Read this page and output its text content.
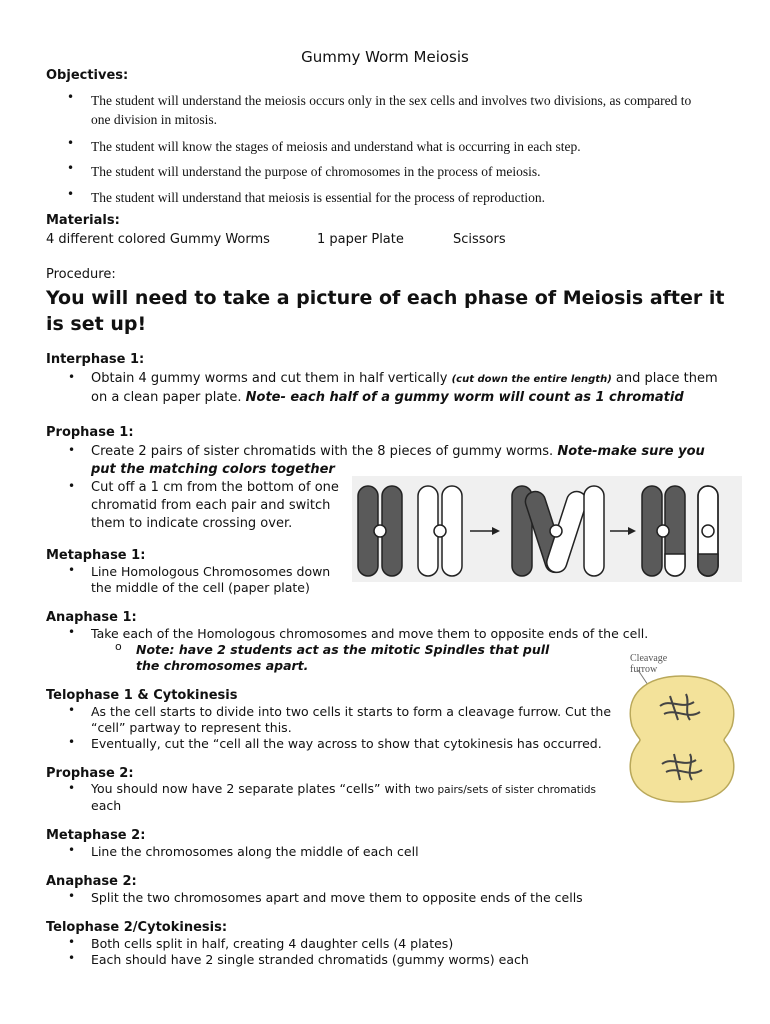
Gummy Worm Meiosis
Objectives:
• The student will understand the meiosis occurs only in the sex cells and involves two divisions, as compared to one division in mitosis.
• The student will know the stages of meiosis and understand what is occurring in each step.
• The student will understand the purpose of chromosomes in the process of meiosis.
• The student will understand that meiosis is essential for the process of reproduction.
Materials:
4 different colored Gummy Worms	1 paper Plate	Scissors
Procedure:
You will need to take a picture of each phase of Meiosis after it is set up!
Interphase 1:
• Obtain 4 gummy worms and cut them in half vertically (cut down the entire length) and place them on a clean paper plate. Note- each half of a gummy worm will count as 1 chromatid
Prophase 1:
• Create 2 pairs of sister chromatids with the 8 pieces of gummy worms. Note-make sure you put the matching colors together
• Cut off a 1 cm from the bottom of one chromatid from each pair and switch them to indicate crossing over.
Metaphase 1:
• Line Homologous Chromosomes down the middle of the cell (paper plate)
Anaphase 1:
• Take each of the Homologous chromosomes and move them to opposite ends of the cell.
o Note: have 2 students act as the mitotic Spindles that pull the chromosomes apart.	Cleavage furrow
Telophase 1 & Cytokinesis
• As the cell starts to divide into two cells it starts to form a cleavage furrow. Cut the “cell” partway to represent this.
• Eventually, cut the “cell all the way across to show that cytokinesis has occurred.
Prophase 2:
• You should now have 2 separate plates “cells” with two pairs/sets of sister chromatids each
Metaphase 2:
• Line the chromosomes along the middle of each cell
Anaphase 2:
• Split the two chromosomes apart and move them to opposite ends of the cells
Telophase 2/Cytokinesis:
• Both cells split in half, creating 4 daughter cells (4 plates)
• Each should have 2 single stranded chromatids (gummy worms) each
